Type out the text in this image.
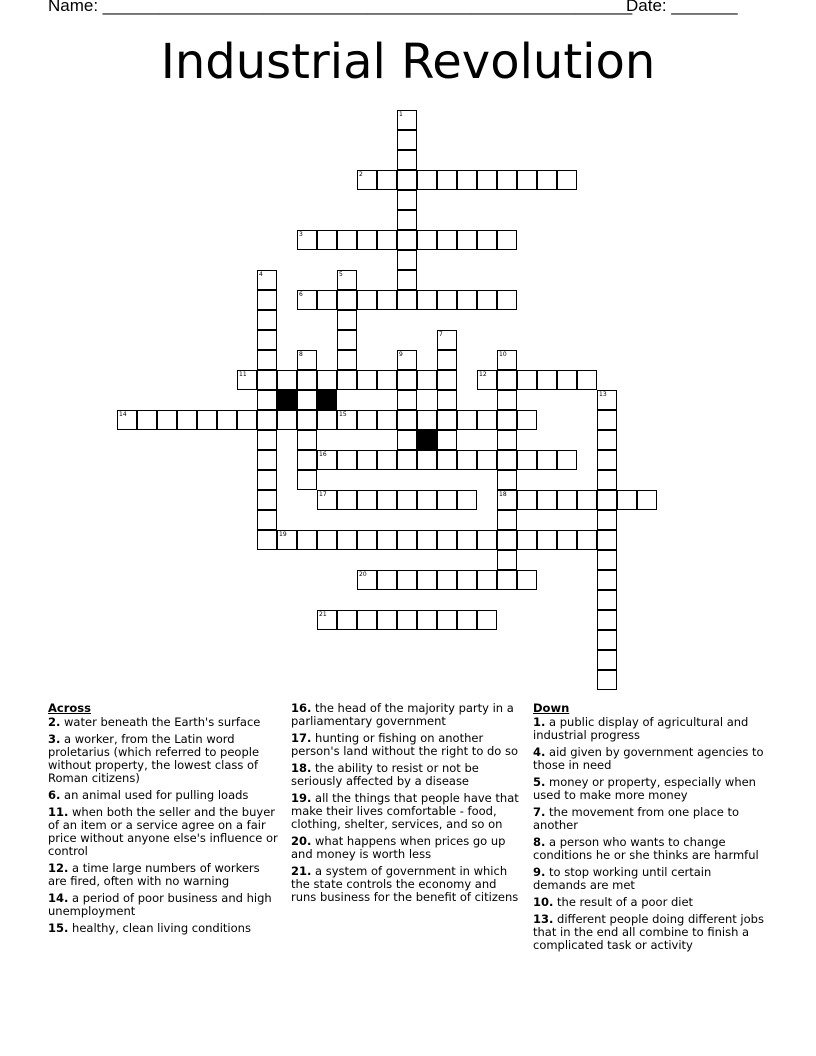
Name: ________________________________________________________
Date: _______
Industrial Revolution
1
2
3
4	5
6
7
8	9	10
18
11	12
13
14	15
16
17
19
20
21
Across
2. water beneath the Earth's surface
3. a worker, from the Latin word proletarius (which referred to people without property, the lowest class of Roman citizens)
6. an animal used for pulling loads
11. when both the seller and the buyer of an item or a service agree on a fair price without anyone else's influence or control
12. a time large numbers of workers are fired, often with no warning
14. a period of poor business and high unemployment
15. healthy, clean living conditions
16. the head of the majority party in a parliamentary government
17. hunting or fishing on another person's land without the right to do so
18. the ability to resist or not be seriously affected by a disease
19. all the things that people have that make their lives comfortable - food, clothing, shelter, services, and so on
20. what happens when prices go up and money is worth less
21. a system of government in which the state controls the economy and runs business for the benefit of citizens
Down
1. a public display of agricultural and industrial progress
4. aid given by government agencies to those in need
5. money or property, especially when used to make more money
7. the movement from one place to another
8. a person who wants to change conditions he or she thinks are harmful
9. to stop working until certain demands are met
10. the result of a poor diet
13. different people doing different jobs that in the end all combine to finish a complicated task or activity
